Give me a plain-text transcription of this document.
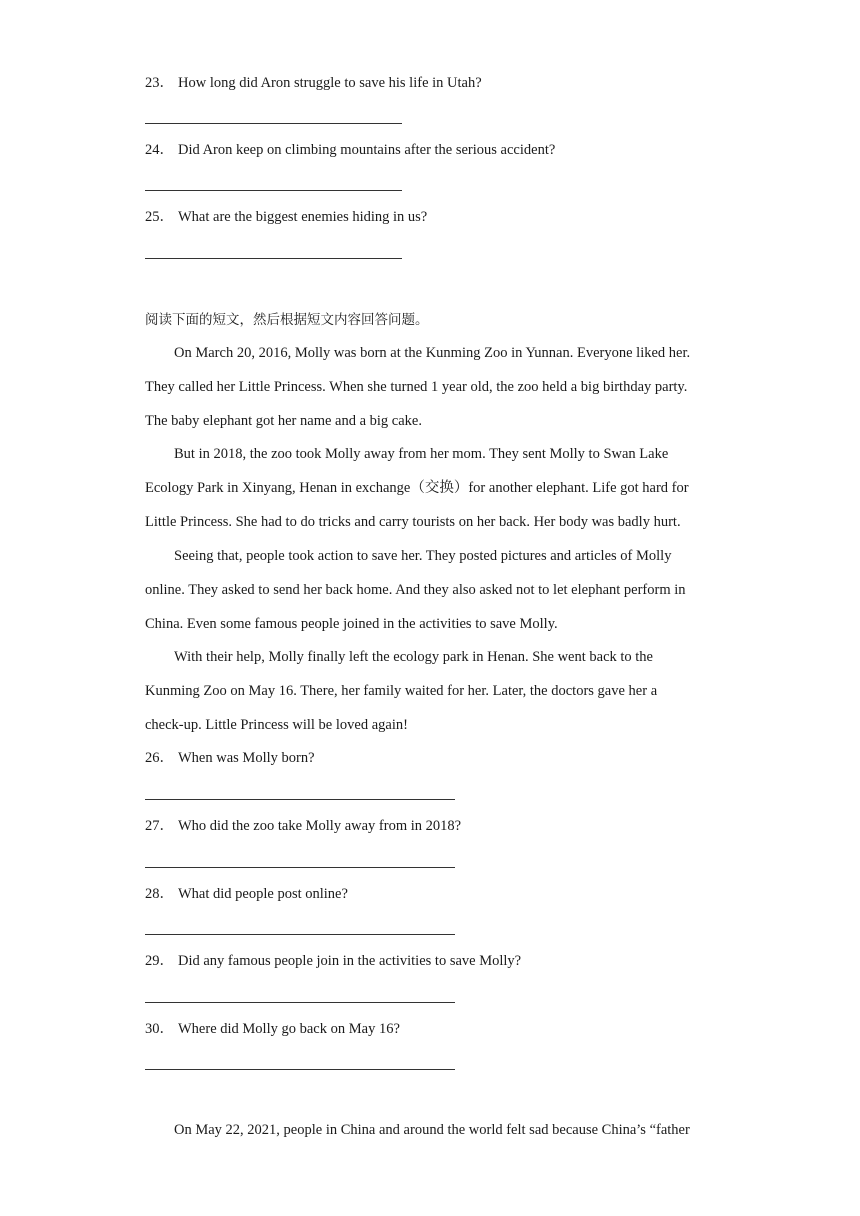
23． How long did Aron struggle to save his life in Utah?
24． Did Aron keep on climbing mountains after the serious accident?
25． What are the biggest enemies hiding in us?
阅读下面的短文，然后根据短文内容回答问题。
On March 20, 2016, Molly was born at the Kunming Zoo in Yunnan. Everyone liked her.
They called her Little Princess. When she turned 1 year old, the zoo held a big birthday party.
The baby elephant got her name and a big cake.
But in 2018, the zoo took Molly away from her mom. They sent Molly to Swan Lake
Ecology Park in Xinyang, Henan in exchange（交换）for another elephant. Life got hard for
Little Princess. She had to do tricks and carry tourists on her back. Her body was badly hurt.
Seeing that, people took action to save her. They posted pictures and articles of Molly
online. They asked to send her back home. And they also asked not to let elephant perform in
China. Even some famous people joined in the activities to save Molly.
With their help, Molly finally left the ecology park in Henan. She went back to the
Kunming Zoo on May 16. There, her family waited for her. Later, the doctors gave her a
check-up. Little Princess will be loved again!
26． When was Molly born?
27． Who did the zoo take Molly away from in 2018?
28． What did people post online?
29． Did any famous people join in the activities to save Molly?
30． Where did Molly go back on May 16?
On May 22, 2021, people in China and around the world felt sad because China’s “father
